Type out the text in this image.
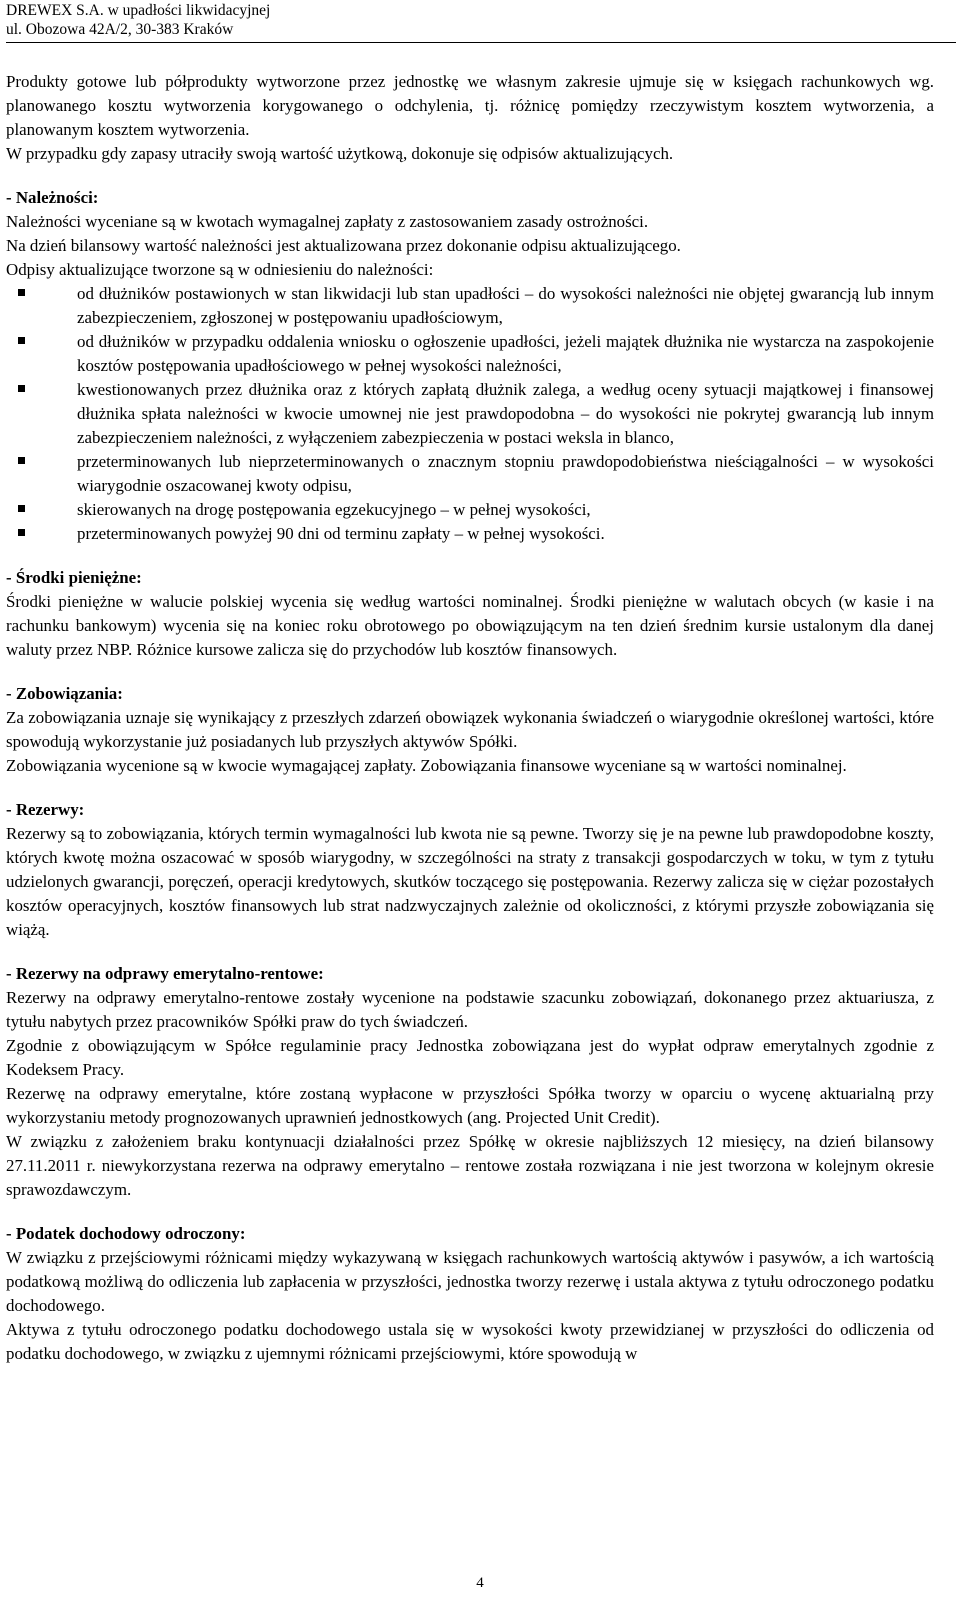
DREWEX S.A. w upadłości likwidacyjnej
ul. Obozowa 42A/2, 30-383 Kraków

Produkty gotowe lub półprodukty wytworzone przez jednostkę we własnym zakresie ujmuje się w księgach rachunkowych wg. planowanego kosztu wytworzenia korygowanego o odchylenia, tj. różnicę pomiędzy rzeczywistym kosztem wytworzenia, a planowanym kosztem wytworzenia.

W przypadku gdy zapasy utraciły swoją wartość użytkową, dokonuje się odpisów aktualizujących.

- Należności:

Należności wyceniane są w kwotach wymagalnej zapłaty z zastosowaniem zasady ostrożności.

Na dzień bilansowy wartość należności jest aktualizowana przez dokonanie odpisu aktualizującego.

Odpisy aktualizujące tworzone są w odniesieniu do należności:

od dłużników postawionych w stan likwidacji lub stan upadłości – do wysokości należności nie objętej gwarancją lub innym zabezpieczeniem, zgłoszonej w postępowaniu upadłościowym,
od dłużników w przypadku oddalenia wniosku o ogłoszenie upadłości, jeżeli majątek dłużnika nie wystarcza na zaspokojenie kosztów postępowania upadłościowego w pełnej wysokości należności,
kwestionowanych przez dłużnika oraz z których zapłatą dłużnik zalega, a według oceny sytuacji majątkowej i finansowej dłużnika spłata należności w kwocie umownej nie jest prawdopodobna – do wysokości nie pokrytej gwarancją lub innym zabezpieczeniem należności, z wyłączeniem zabezpieczenia w postaci weksla in blanco,
przeterminowanych lub nieprzeterminowanych o znacznym stopniu prawdopodobieństwa nieściągalności – w wysokości wiarygodnie oszacowanej kwoty odpisu,
skierowanych na drogę postępowania egzekucyjnego – w pełnej wysokości,
przeterminowanych powyżej 90 dni od terminu zapłaty – w pełnej wysokości.

- Środki pieniężne:

Środki pieniężne w walucie polskiej wycenia się według wartości nominalnej. Środki pieniężne w walutach obcych (w kasie i na rachunku bankowym) wycenia się na koniec roku obrotowego po obowiązującym na ten dzień średnim kursie ustalonym dla danej waluty przez NBP. Różnice kursowe zalicza się do przychodów lub kosztów finansowych.

- Zobowiązania:

Za zobowiązania uznaje się wynikający z przeszłych zdarzeń obowiązek wykonania świadczeń o wiarygodnie określonej wartości, które spowodują wykorzystanie już posiadanych lub przyszłych aktywów Spółki.

Zobowiązania wycenione są w kwocie wymagającej zapłaty. Zobowiązania finansowe wyceniane są w wartości nominalnej.

- Rezerwy:

Rezerwy są to zobowiązania, których termin wymagalności lub kwota nie są pewne. Tworzy się je na pewne lub prawdopodobne koszty, których kwotę można oszacować w sposób wiarygodny, w szczególności na straty z transakcji gospodarczych w toku, w tym z tytułu udzielonych gwarancji, poręczeń, operacji kredytowych, skutków toczącego się postępowania. Rezerwy zalicza się w ciężar pozostałych kosztów operacyjnych, kosztów finansowych lub strat nadzwyczajnych zależnie od okoliczności, z którymi przyszłe zobowiązania się wiążą.

- Rezerwy na odprawy emerytalno-rentowe:

Rezerwy na odprawy emerytalno-rentowe zostały wycenione na podstawie szacunku zobowiązań, dokonanego przez aktuariusza, z tytułu nabytych przez pracowników Spółki praw do tych świadczeń.

Zgodnie z obowiązującym w Spółce regulaminie pracy Jednostka zobowiązana jest do wypłat odpraw emerytalnych zgodnie z Kodeksem Pracy.

Rezerwę na odprawy emerytalne, które zostaną wypłacone w przyszłości Spółka tworzy w oparciu o wycenę aktuarialną przy wykorzystaniu metody prognozowanych uprawnień jednostkowych (ang. Projected Unit Credit).

W związku z założeniem braku kontynuacji działalności przez Spółkę w okresie najbliższych 12 miesięcy, na dzień bilansowy 27.11.2011 r. niewykorzystana rezerwa na odprawy emerytalno – rentowe została rozwiązana i nie jest tworzona w kolejnym okresie sprawozdawczym.

- Podatek dochodowy odroczony:

W związku z przejściowymi różnicami między wykazywaną w księgach rachunkowych wartością aktywów i pasywów, a ich wartością podatkową możliwą do odliczenia lub zapłacenia w przyszłości, jednostka tworzy rezerwę i ustala aktywa z tytułu odroczonego podatku dochodowego.

Aktywa z tytułu odroczonego podatku dochodowego ustala się w wysokości kwoty przewidzianej w przyszłości do odliczenia od podatku dochodowego, w związku z ujemnymi różnicami przejściowymi, które spowodują w

4
